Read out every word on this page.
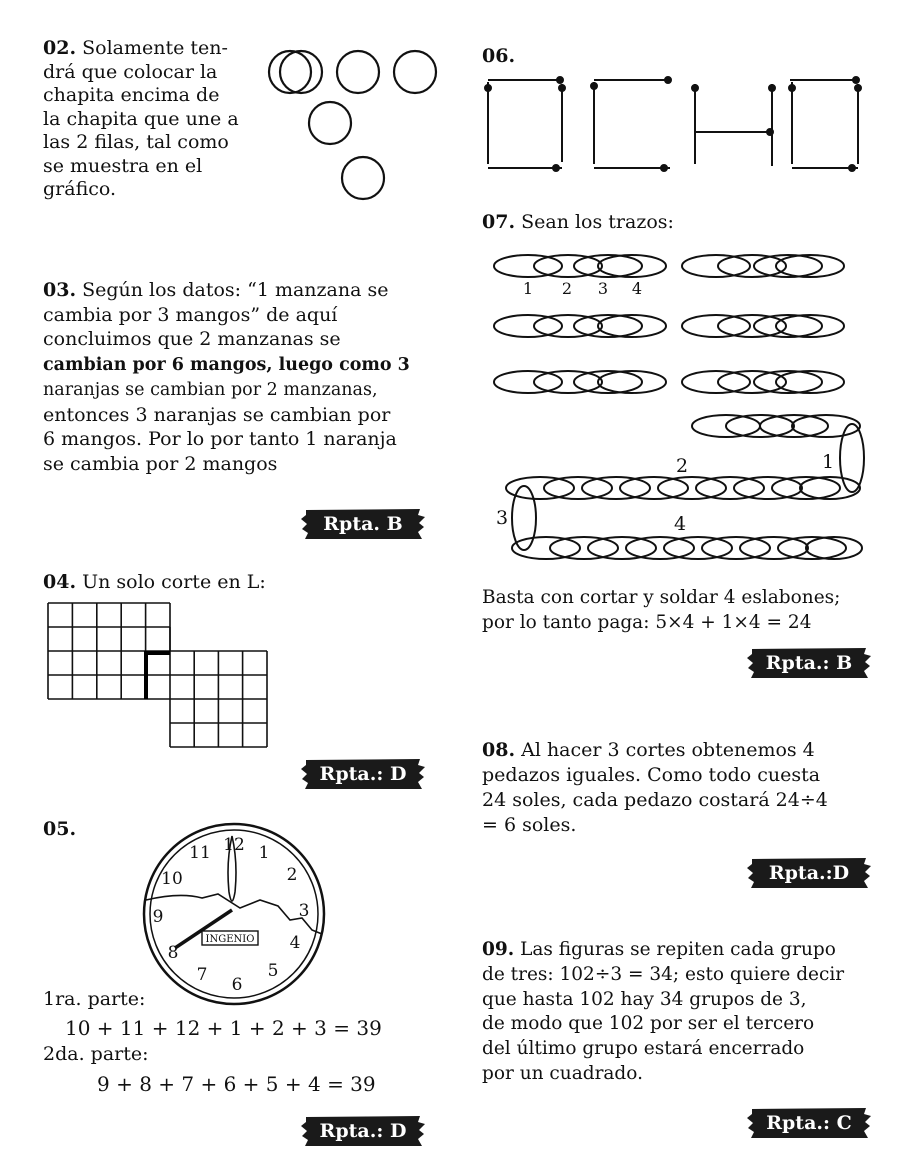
02. Solamente ten-
drá que colocar la
chapita encima de
la chapita que une a
las 2 filas, tal como
se muestra en el
gráfico.
03. Según los datos: “1 manzana se
cambia por 3 mangos” de aquí
concluimos que 2 manzanas se
cambian por 6 mangos, luego como 3
naranjas se cambian por 2 manzanas,
entonces 3 naranjas se cambian por
6 mangos. Por lo por tanto 1 naranja
se cambia por 2 mangos
Rpta. B
04. Un solo corte en L:
Rpta.: D
05.
INGENIO
12 1
2
3
4
5
6
7
8
9
10
11
1ra. parte:
10 + 11 + 12 + 1 + 2 + 3 = 39
2da. parte:
9 + 8 + 7 + 6 + 5 + 4 = 39
Rpta.: D
06.
07. Sean los trazos:
1 2 3 4
1
2
3	4
Basta con cortar y soldar 4 eslabones;
por lo tanto paga: 5×4 + 1×4 = 24
Rpta.: B
08. Al hacer 3 cortes obtenemos 4
pedazos iguales. Como todo cuesta
24 soles, cada pedazo costará 24÷4
= 6 soles.
Rpta.:D
09. Las figuras se repiten cada grupo
de tres: 102÷3 = 34; esto quiere decir
que hasta 102 hay 34 grupos de 3,
de modo que 102 por ser el tercero
del último grupo estará encerrado
por un cuadrado.
Rpta.: C
